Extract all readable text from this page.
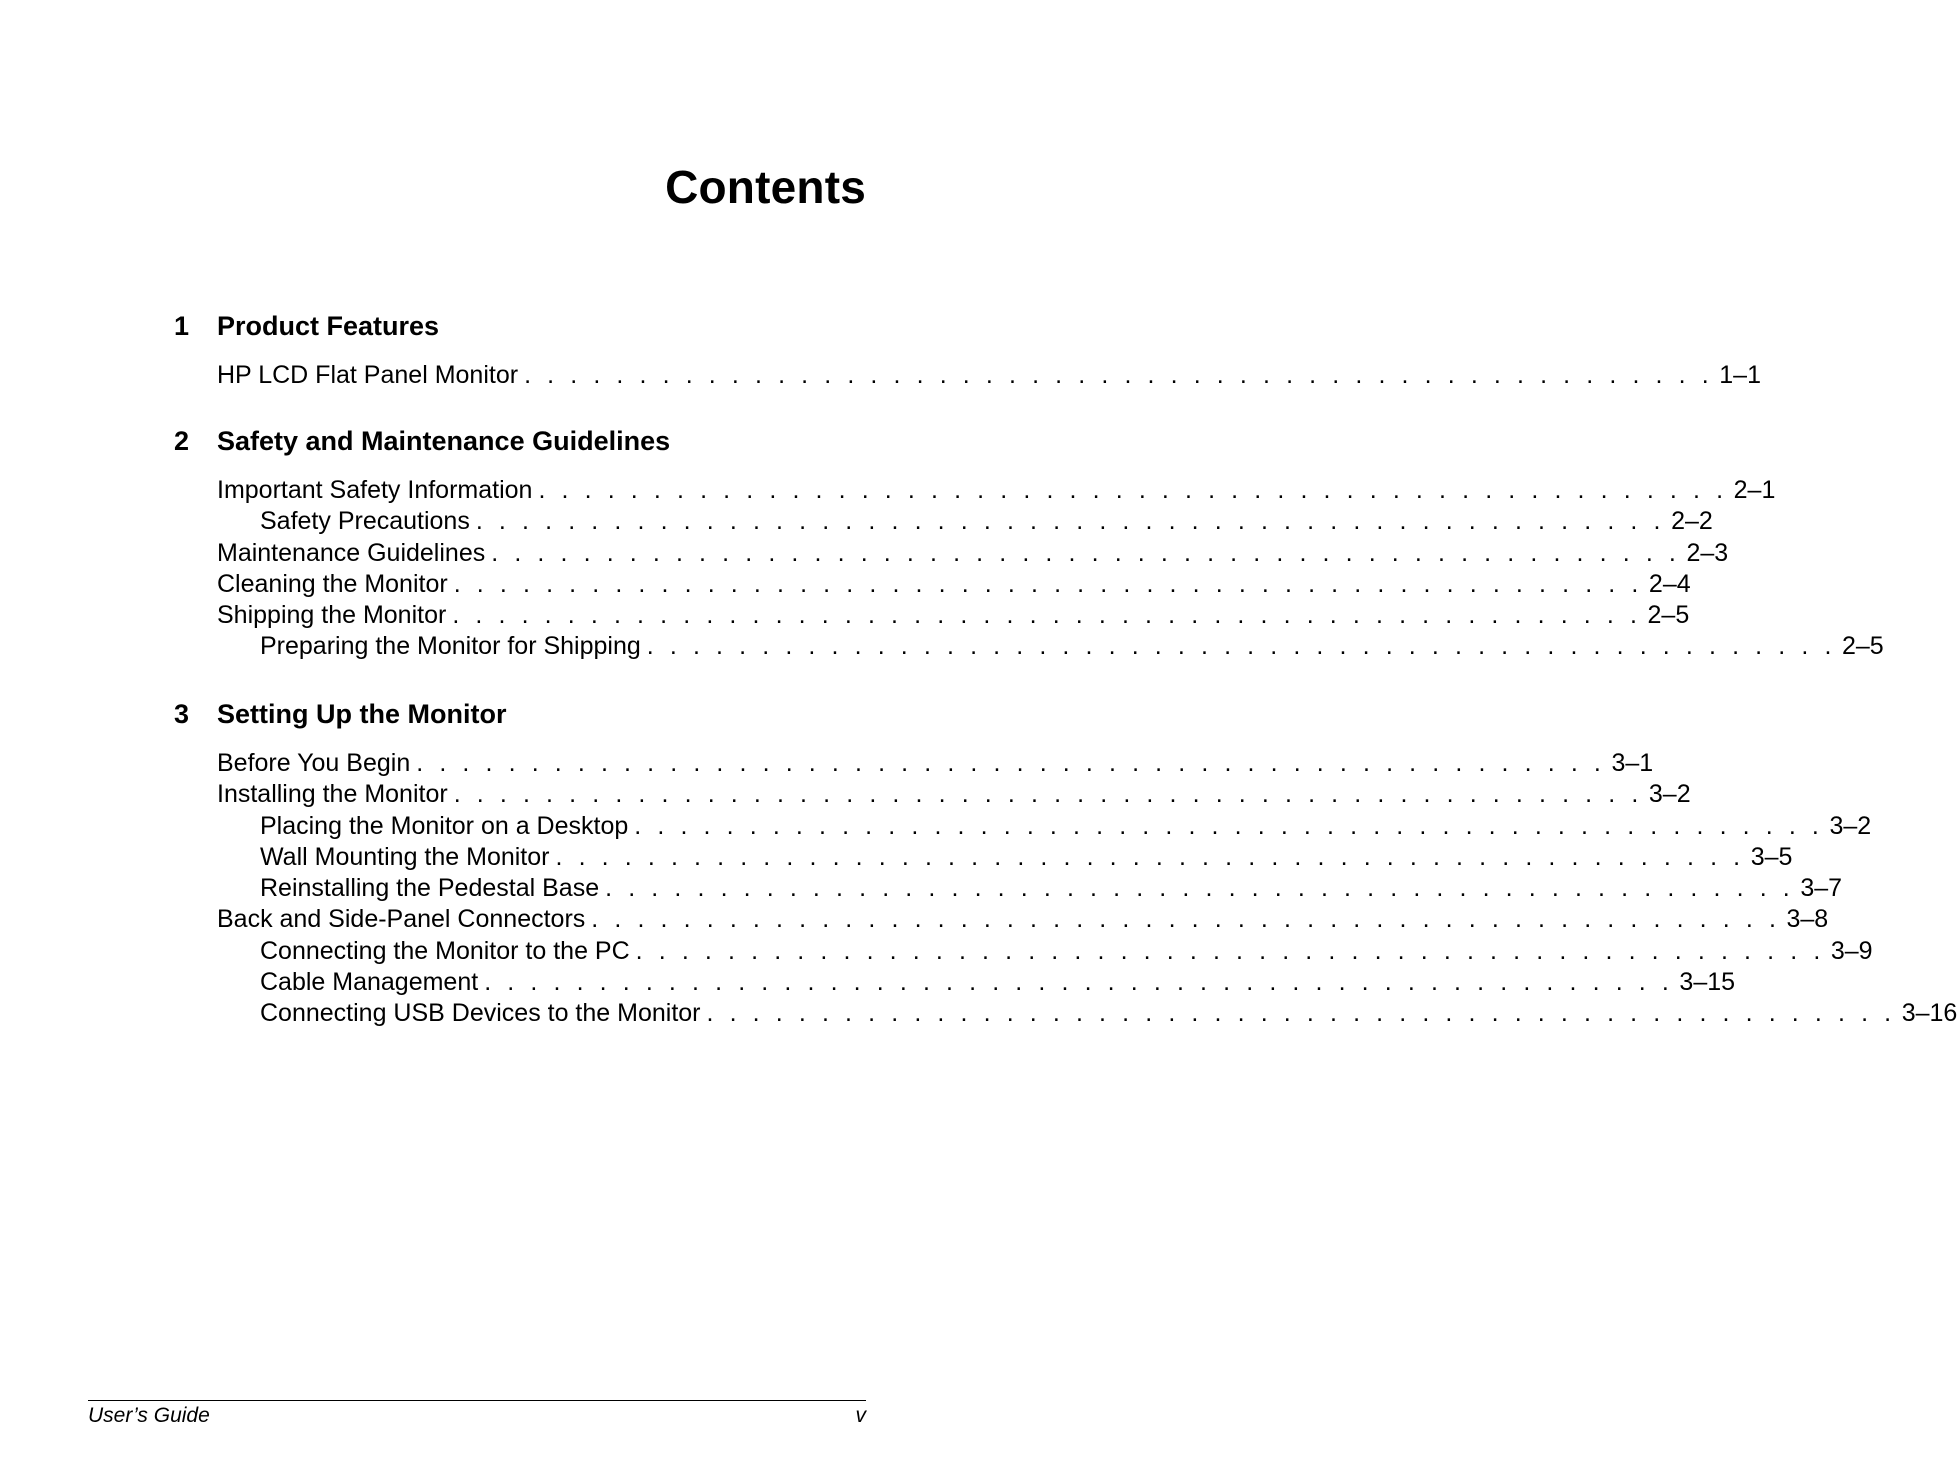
Contents
1 Product Features
HP LCD Flat Panel Monitor . . . . . . . . . . . . . . . . . . . . . . . . . . . . . . . . . . . . . . . . . . . . . . . . . . . . 1–1
2 Safety and Maintenance Guidelines
Important Safety Information . . . . . . . . . . . . . . . . . . . . . . . . . . . . . . . . . . . . . . . . . . . . . . . . . . . . 2–1
Safety Precautions . . . . . . . . . . . . . . . . . . . . . . . . . . . . . . . . . . . . . . . . . . . . . . . . . . . . 2–2
Maintenance Guidelines . . . . . . . . . . . . . . . . . . . . . . . . . . . . . . . . . . . . . . . . . . . . . . . . . . . . 2–3
Cleaning the Monitor . . . . . . . . . . . . . . . . . . . . . . . . . . . . . . . . . . . . . . . . . . . . . . . . . . . . 2–4
Shipping the Monitor . . . . . . . . . . . . . . . . . . . . . . . . . . . . . . . . . . . . . . . . . . . . . . . . . . . . 2–5
Preparing the Monitor for Shipping . . . . . . . . . . . . . . . . . . . . . . . . . . . . . . . . . . . . . . . . . . . . . . . . . . . . 2–5
3 Setting Up the Monitor
Before You Begin . . . . . . . . . . . . . . . . . . . . . . . . . . . . . . . . . . . . . . . . . . . . . . . . . . . . 3–1
Installing the Monitor . . . . . . . . . . . . . . . . . . . . . . . . . . . . . . . . . . . . . . . . . . . . . . . . . . . . 3–2
Placing the Monitor on a Desktop . . . . . . . . . . . . . . . . . . . . . . . . . . . . . . . . . . . . . . . . . . . . . . . . . . . . 3–2
Wall Mounting the Monitor . . . . . . . . . . . . . . . . . . . . . . . . . . . . . . . . . . . . . . . . . . . . . . . . . . . . 3–5
Reinstalling the Pedestal Base . . . . . . . . . . . . . . . . . . . . . . . . . . . . . . . . . . . . . . . . . . . . . . . . . . . . 3–7
Back and Side-Panel Connectors . . . . . . . . . . . . . . . . . . . . . . . . . . . . . . . . . . . . . . . . . . . . . . . . . . . . 3–8
Connecting the Monitor to the PC . . . . . . . . . . . . . . . . . . . . . . . . . . . . . . . . . . . . . . . . . . . . . . . . . . . . 3–9
Cable Management . . . . . . . . . . . . . . . . . . . . . . . . . . . . . . . . . . . . . . . . . . . . . . . . . . . . 3–15
Connecting USB Devices to the Monitor . . . . . . . . . . . . . . . . . . . . . . . . . . . . . . . . . . . . . . . . . . . . . . . . . . . . 3–16
User’s Guide	v
